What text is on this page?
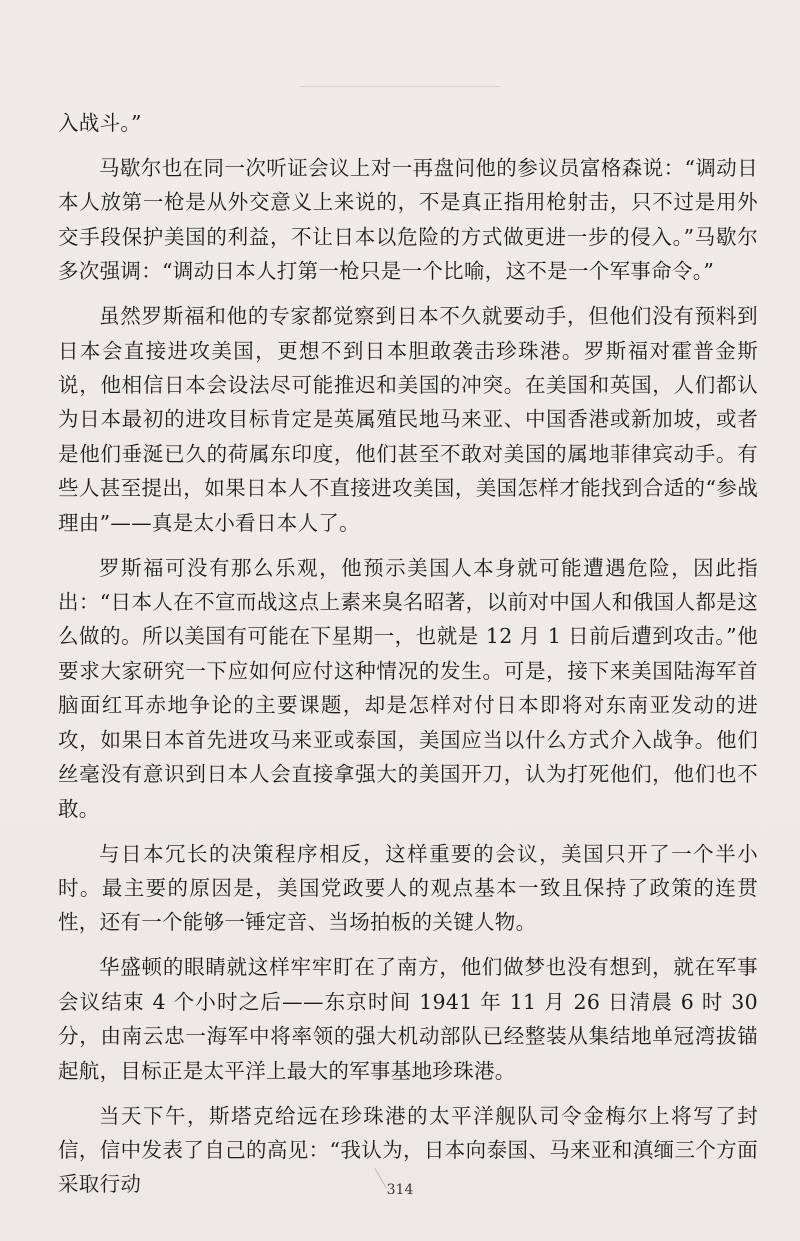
入战斗。”

马歇尔也在同一次听证会议上对一再盘问他的参议员富格森说：“调动日本人放第一枪是从外交意义上来说的，不是真正指用枪射击，只不过是用外交手段保护美国的利益，不让日本以危险的方式做更进一步的侵入。”马歇尔多次强调：“调动日本人打第一枪只是一个比喻，这不是一个军事命令。”

虽然罗斯福和他的专家都觉察到日本不久就要动手，但他们没有预料到日本会直接进攻美国，更想不到日本胆敢袭击珍珠港。罗斯福对霍普金斯说，他相信日本会设法尽可能推迟和美国的冲突。在美国和英国，人们都认为日本最初的进攻目标肯定是英属殖民地马来亚、中国香港或新加坡，或者是他们垂涎已久的荷属东印度，他们甚至不敢对美国的属地菲律宾动手。有些人甚至提出，如果日本人不直接进攻美国，美国怎样才能找到合适的“参战理由”——真是太小看日本人了。

罗斯福可没有那么乐观，他预示美国人本身就可能遭遇危险，因此指出：“日本人在不宣而战这点上素来臭名昭著，以前对中国人和俄国人都是这么做的。所以美国有可能在下星期一，也就是 12 月 1 日前后遭到攻击。”他要求大家研究一下应如何应付这种情况的发生。可是，接下来美国陆海军首脑面红耳赤地争论的主要课题，却是怎样对付日本即将对东南亚发动的进攻，如果日本首先进攻马来亚或泰国，美国应当以什么方式介入战争。他们丝毫没有意识到日本人会直接拿强大的美国开刀，认为打死他们，他们也不敢。

与日本冗长的决策程序相反，这样重要的会议，美国只开了一个半小时。最主要的原因是，美国党政要人的观点基本一致且保持了政策的连贯性，还有一个能够一锤定音、当场拍板的关键人物。

华盛顿的眼睛就这样牢牢盯在了南方，他们做梦也没有想到，就在军事会议结束 4 个小时之后——东京时间 1941 年 11 月 26 日清晨 6 时 30 分，由南云忠一海军中将率领的强大机动部队已经整装从集结地单冠湾拔锚起航，目标正是太平洋上最大的军事基地珍珠港。

当天下午，斯塔克给远在珍珠港的太平洋舰队司令金梅尔上将写了封信，信中发表了自己的高见：“我认为，日本向泰国、马来亚和滇缅三个方面采取行动	314
